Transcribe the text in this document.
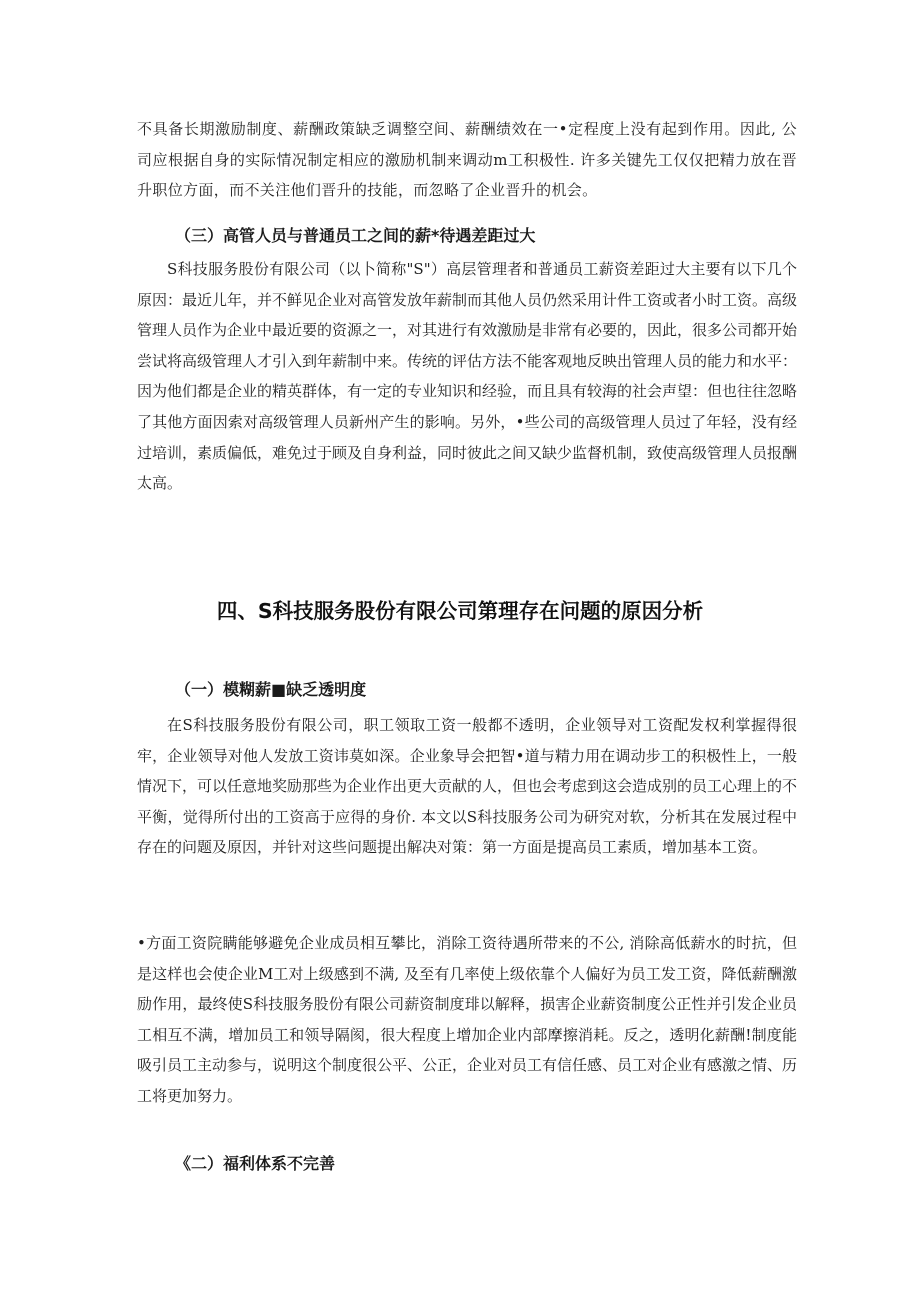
不具备长期激励制度、薪酬政策缺乏调整空间、薪酬绩效在一•定程度上没有起到作用。因此, 公司应根据自身的实际情况制定相应的激励机制来调动m工积极性. 许多关键先工仅仅把精力放在晋升职位方面，而不关注他们晋升的技能，而忽略了企业晋升的机会。

（三）高管人员与普通员工之间的薪*待遇差距过大

S科技服务股份有限公司（以卜简称"S"）高层管理者和普通员工薪资差距过大主要有以下几个原因：最近儿年，并不鲜见企业对高管发放年薪制而其他人员仍然采用计件工资或者小时工资。高级管理人员作为企业中最近要的资源之一，对其进行有效激励是非常有必要的，因此，很多公司都开始尝试将高级管理人才引入到年薪制中来。传统的评估方法不能客观地反映出管理人员的能力和水平：因为他们都是企业的精英群体，有一定的专业知识和经验，而且具有较海的社会声望：但也往往忽略了其他方面因索对高级管理人员新州产生的影响。另外，•些公司的高级管理人员过了年轻，没有经过培训，素质偏低，难免过于顾及自身利益，同时彼此之间又缺少监督机制，致使高级管理人员报酬太高。

四、S科技服务股份有限公司第理存在问题的原因分析
（一）模糊薪■缺乏透明度

在S科技服务股份有限公司，职工领取工资一般都不透明，企业领导对工资配发权利掌握得很牢，企业领导对他人发放工资讳莫如深。企业象导会把智•道与精力用在调动步工的积极性上，一般情况下，可以任意地奖励那些为企业作出更大贡献的人，但也会考虑到这会造成别的员工心理上的不平衡，觉得所付出的工资高于应得的身价. 本文以S科技服务公司为研究对软，分析其在发展过程中存在的问题及原因，并针对这些问题提出解决对策：第一方面是提高员工素质，增加基本工资。

•方面工资院瞒能够避免企业成员相互攀比，消除工资待遇所带来的不公, 消除高低薪水的时抗，但是这样也会使企业M工对上级感到不满, 及至有几率使上级依靠个人偏好为员工发工资，降低薪酬激励作用，最终使S科技服务股份有限公司薪资制度琲以解释，损害企业薪资制度公正性并引发企业员工相互不满，增加员工和领导隔阂，很大程度上增加企业内部摩擦消耗。反之，透明化薪酬!制度能吸引员工主动参与，说明这个制度很公平、公正，企业对员工有信任感、员工对企业有感激之情、历工将更加努力。

《二）福利体系不完善
